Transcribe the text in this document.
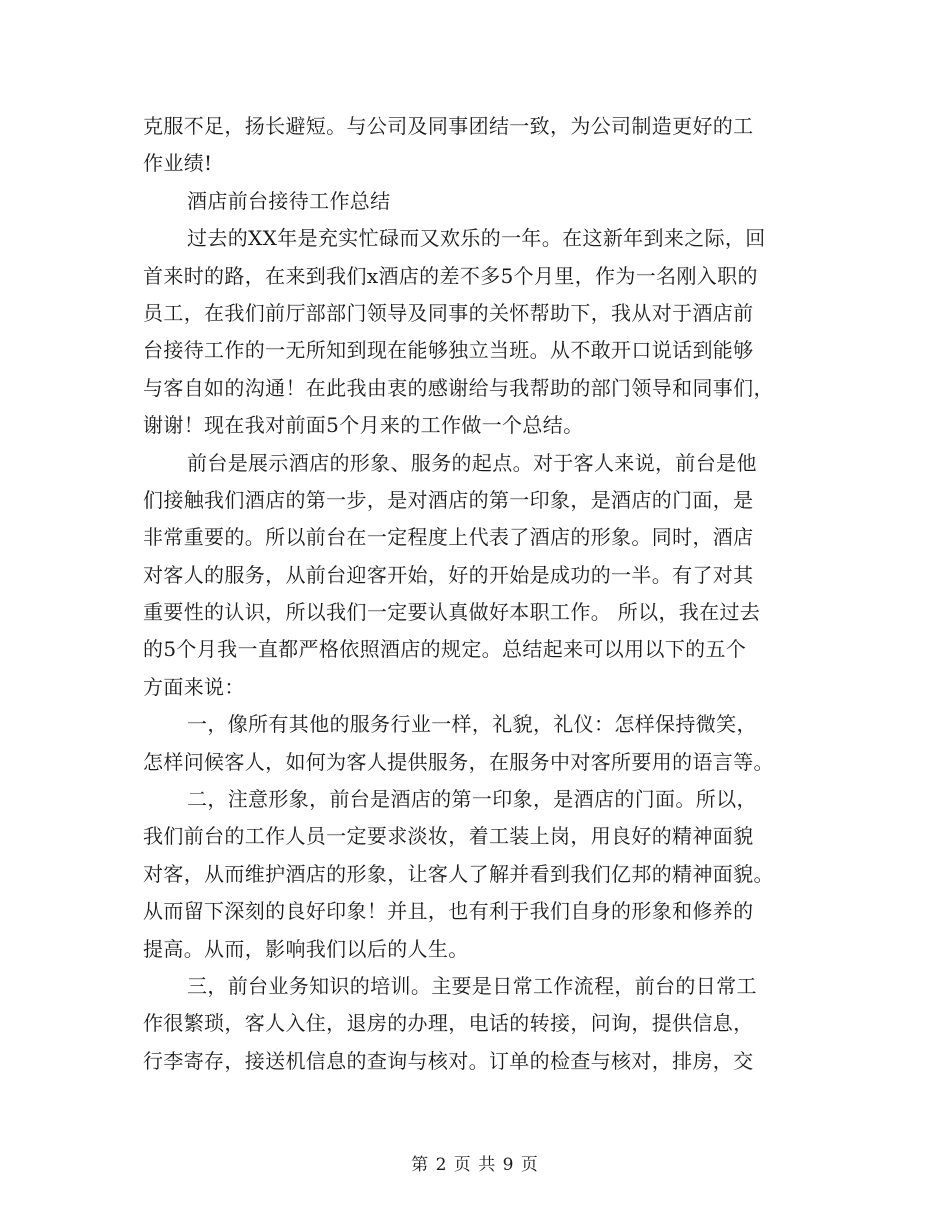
克服不足，扬长避短。与公司及同事团结一致，为公司制造更好的工
作业绩!
酒店前台接待工作总结
过去的XX年是充实忙碌而又欢乐的一年。在这新年到来之际，回
首来时的路，在来到我们x酒店的差不多5个月里，作为一名刚入职的
员工，在我们前厅部部门领导及同事的关怀帮助下，我从对于酒店前
台接待工作的一无所知到现在能够独立当班。从不敢开口说话到能够
与客自如的沟通！在此我由衷的感谢给与我帮助的部门领导和同事们，
谢谢！现在我对前面5个月来的工作做一个总结。
前台是展示酒店的形象、服务的起点。对于客人来说，前台是他
们接触我们酒店的第一步，是对酒店的第一印象，是酒店的门面，是
非常重要的。所以前台在一定程度上代表了酒店的形象。同时，酒店
对客人的服务，从前台迎客开始，好的开始是成功的一半。有了对其
重要性的认识，所以我们一定要认真做好本职工作。 所以，我在过去
的5个月我一直都严格依照酒店的规定。总结起来可以用以下的五个
方面来说：
一，像所有其他的服务行业一样，礼貌，礼仪：怎样保持微笑，
怎样问候客人，如何为客人提供服务，在服务中对客所要用的语言等。
二，注意形象，前台是酒店的第一印象，是酒店的门面。所以，
我们前台的工作人员一定要求淡妆，着工装上岗，用良好的精神面貌
对客，从而维护酒店的形象，让客人了解并看到我们亿邦的精神面貌。
从而留下深刻的良好印象！并且，也有利于我们自身的形象和修养的
提高。从而，影响我们以后的人生。
三，前台业务知识的培训。主要是日常工作流程，前台的日常工
作很繁琐，客人入住，退房的办理，电话的转接，问询，提供信息，
行李寄存，接送机信息的查询与核对。订单的检查与核对，排房，交
第 2 页 共 9 页
